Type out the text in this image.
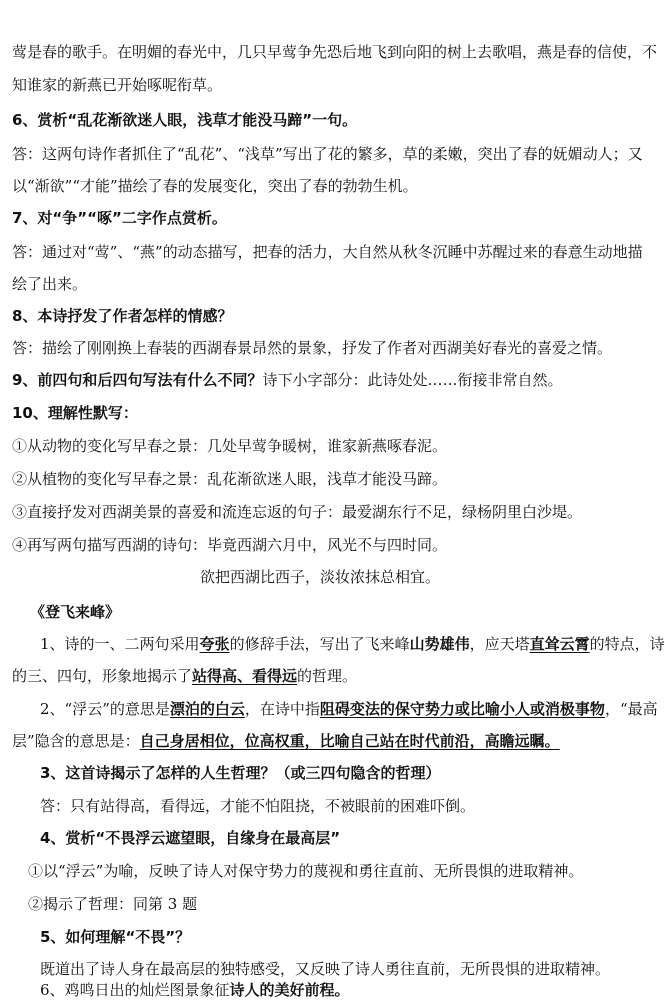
莺是春的歌手。在明媚的春光中，几只早莺争先恐后地飞到向阳的树上去歌唱，燕是春的信使，不
知谁家的新燕已开始啄呢衔草。
6、赏析“乱花渐欲迷人眼，浅草才能没马蹄”一句。
答：这两句诗作者抓住了“乱花”、“浅草”写出了花的繁多，草的柔嫩，突出了春的妩媚动人；又
以“渐欲”“才能”描绘了春的发展变化，突出了春的勃勃生机。
7、对“争”“啄”二字作点赏析。
答：通过对“莺”、“燕”的动态描写，把春的活力，大自然从秋冬沉睡中苏醒过来的春意生动地描
绘了出来。
8、本诗抒发了作者怎样的情感？
答：描绘了刚刚换上春装的西湖春景昂然的景象，抒发了作者对西湖美好春光的喜爱之情。
9、前四句和后四句写法有什么不同？诗下小字部分：此诗处处……衔接非常自然。
10、理解性默写：
①从动物的变化写早春之景：几处早莺争暖树，谁家新燕啄春泥。
②从植物的变化写早春之景：乱花渐欲迷人眼，浅草才能没马蹄。
③直接抒发对西湖美景的喜爱和流连忘返的句子：最爱湖东行不足，绿杨阴里白沙堤。
④再写两句描写西湖的诗句：毕竟西湖六月中，风光不与四时同。
欲把西湖比西子，淡妆浓抹总相宜。
《登飞来峰》
1、诗的一、二两句采用夸张的修辞手法，写出了飞来峰山势雄伟，应天塔直耸云霄的特点，诗
的三、四句，形象地揭示了站得高、看得远的哲理。
2、“浮云”的意思是漂泊的白云，在诗中指阻碍变法的保守势力或比喻小人或消极事物，“最高
层”隐含的意思是：自己身居相位，位高权重，比喻自己站在时代前沿，高瞻远瞩。
3、这首诗揭示了怎样的人生哲理？（或三四句隐含的哲理）
答：只有站得高，看得远，才能不怕阻挠，不被眼前的困难吓倒。
4、赏析“不畏浮云遮望眼，自缘身在最高层”
①以“浮云”为喻，反映了诗人对保守势力的蔑视和勇往直前、无所畏惧的进取精神。
②揭示了哲理：同第 3 题
5、如何理解“不畏”？
既道出了诗人身在最高层的独特感受，又反映了诗人勇往直前，无所畏惧的进取精神。
6、鸡鸣日出的灿烂图景象征诗人的美好前程。
